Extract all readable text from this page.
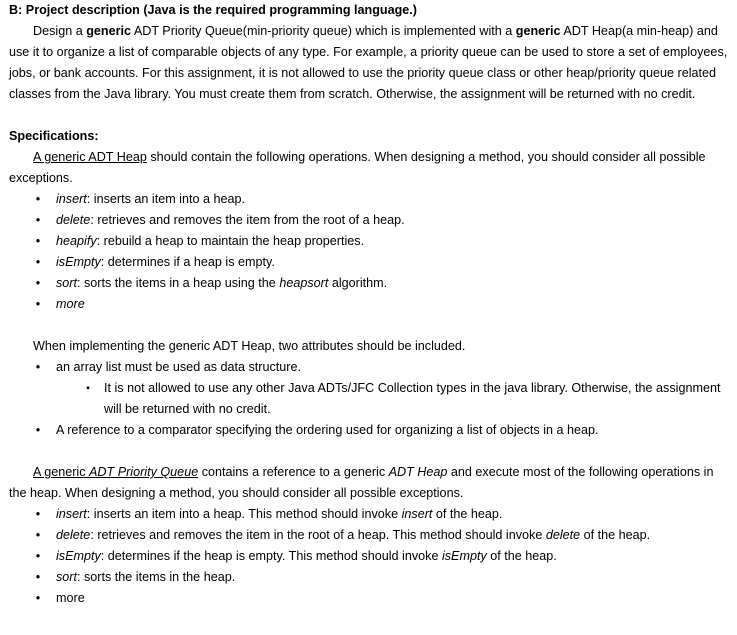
B: Project description (Java is the required programming language.)

Design a generic ADT Priority Queue(min-priority queue) which is implemented with a generic ADT Heap(a min-heap) and use it to organize a list of comparable objects of any type. For example, a priority queue can be used to store a set of employees, jobs, or bank accounts. For this assignment, it is not allowed to use the priority queue class or other heap/priority queue related classes from the Java library. You must create them from scratch. Otherwise, the assignment will be returned with no credit.

Specifications:

A generic ADT Heap should contain the following operations. When designing a method, you should consider all possible exceptions.

• insert: inserts an item into a heap.
• delete: retrieves and removes the item from the root of a heap.
• heapify: rebuild a heap to maintain the heap properties.
• isEmpty: determines if a heap is empty.
• sort: sorts the items in a heap using the heapsort algorithm.
• more

When implementing the generic ADT Heap, two attributes should be included.

• an array list must be used as data structure.
▪ It is not allowed to use any other Java ADTs/JFC Collection types in the java library. Otherwise, the assignment will be returned with no credit.
• A reference to a comparator specifying the ordering used for organizing a list of objects in a heap.

A generic ADT Priority Queue contains a reference to a generic ADT Heap and execute most of the following operations in the heap. When designing a method, you should consider all possible exceptions.

• insert: inserts an item into a heap. This method should invoke insert of the heap.
• delete: retrieves and removes the item in the root of a heap. This method should invoke delete of the heap.
• isEmpty: determines if the heap is empty. This method should invoke isEmpty of the heap.
• sort: sorts the items in the heap.
• more
